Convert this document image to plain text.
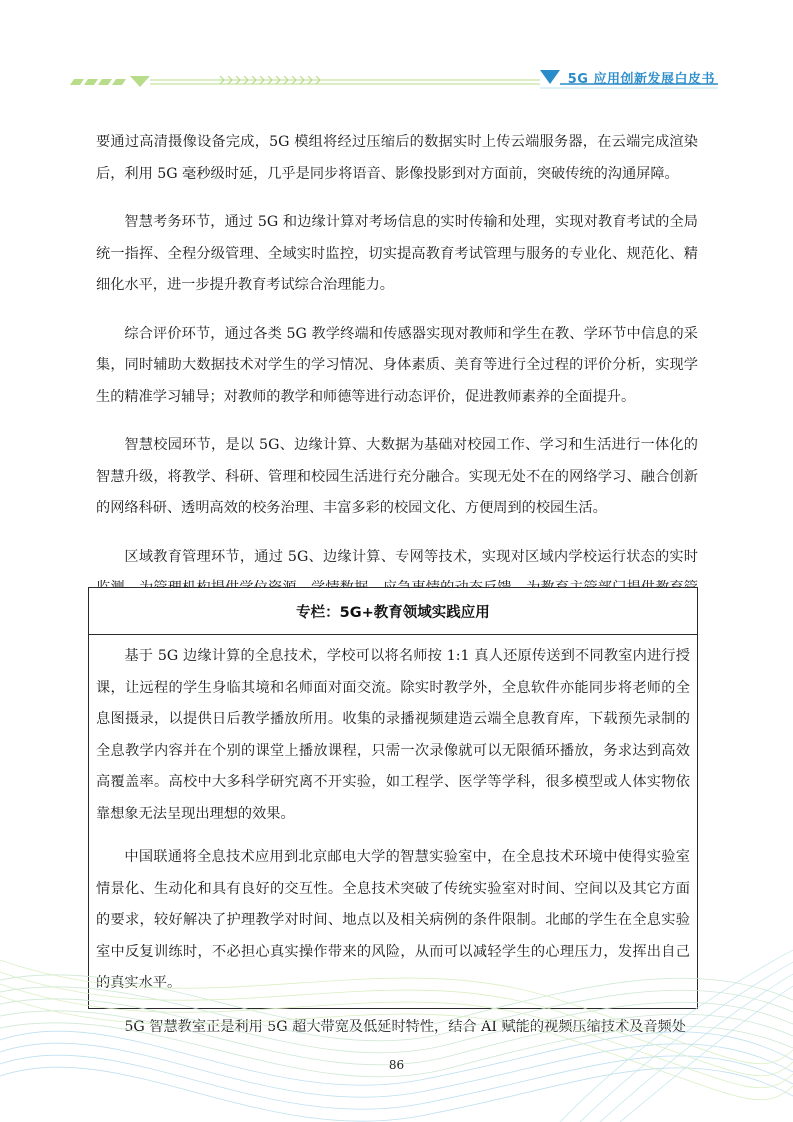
5G 应用创新发展白皮书

要通过高清摄像设备完成，5G 模组将经过压缩后的数据实时上传云端服务器，在云端完成渲染后，利用 5G 毫秒级时延，几乎是同步将语音、影像投影到对方面前，突破传统的沟通屏障。

智慧考务环节，通过 5G 和边缘计算对考场信息的实时传输和处理，实现对教育考试的全局统一指挥、全程分级管理、全域实时监控，切实提高教育考试管理与服务的专业化、规范化、精细化水平，进一步提升教育考试综合治理能力。

综合评价环节，通过各类 5G 教学终端和传感器实现对教师和学生在教、学环节中信息的采集，同时辅助大数据技术对学生的学习情况、身体素质、美育等进行全过程的评价分析，实现学生的精准学习辅导；对教师的教学和师德等进行动态评价，促进教师素养的全面提升。

智慧校园环节，是以 5G、边缘计算、大数据为基础对校园工作、学习和生活进行一体化的智慧升级，将教学、科研、管理和校园生活进行充分融合。实现无处不在的网络学习、融合创新的网络科研、透明高效的校务治理、丰富多彩的校园文化、方便周到的校园生活。

区域教育管理环节，通过 5G、边缘计算、专网等技术，实现对区域内学校运行状态的实时

专栏：5G+教育领域实践应用

基于 5G 边缘计算的全息技术，学校可以将名师按 1:1 真人还原传送到不同教室内进行授课，让远程的学生身临其境和名师面对面交流。除实时教学外，全息软件亦能同步将老师的全息图摄录，以提供日后教学播放所用。收集的录播视频建造云端全息教育库，下载预先录制的全息教学内容并在个别的课堂上播放课程，只需一次录像就可以无限循环播放，务求达到高效高覆盖率。高校中大多科学研究离不开实验，如工程学、医学等学科，很多模型或人体实物依靠想象无法呈现出理想的效果。

中国联通将全息技术应用到北京邮电大学的智慧实验室中，在全息技术环境中使得实验室情景化、生动化和具有良好的交互性。全息技术突破了传统实验室对时间、空间以及其它方面的要求，较好解决了护理教学对时间、地点以及相关病例的条件限制。北邮的学生在全息实验室中反复训练时，不必担心真实操作带来的风险，从而可以减轻学生的心理压力，发挥出自己的真实水平。

5G 智慧教室正是利用 5G 超大带宽及低延时特性，结合 AI 赋能的视频压缩技术及音频处

86
